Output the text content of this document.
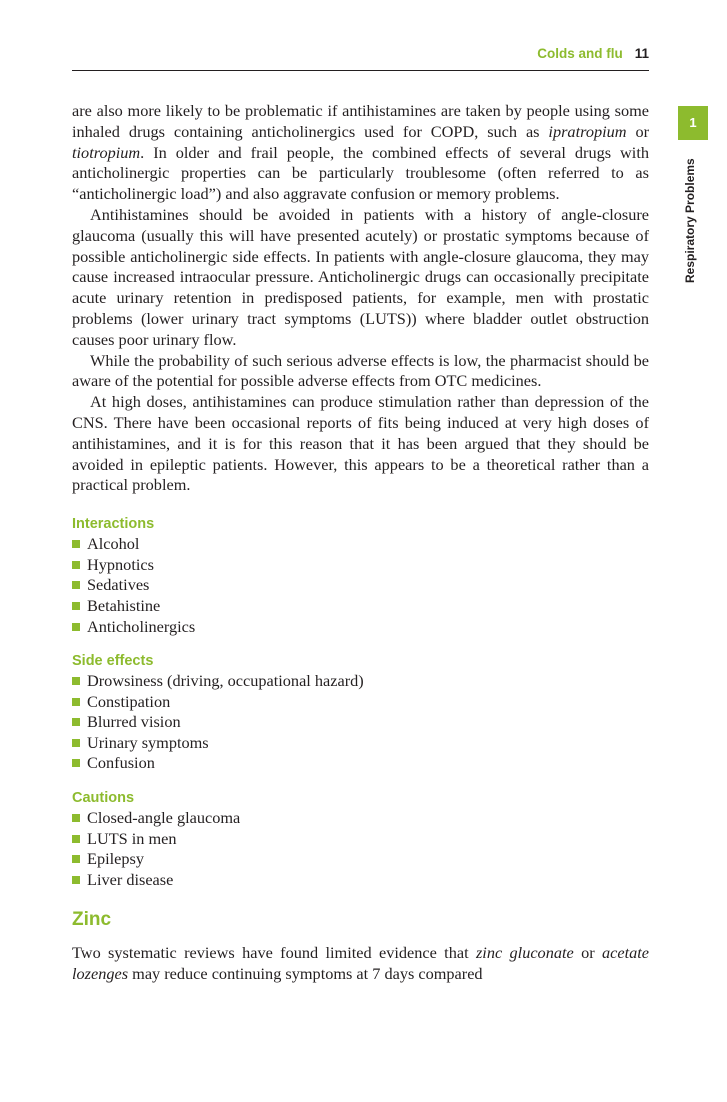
Colds and flu 11
1
Respiratory Problems

are also more likely to be problematic if antihistamines are taken by people using some inhaled drugs containing anticholinergics used for COPD, such as ipratropium or tiotropium. In older and frail people, the combined effects of several drugs with anticholinergic properties can be particularly troublesome (often referred to as “anticholinergic load”) and also aggravate confusion or memory problems.

Antihistamines should be avoided in patients with a history of angle-closure glaucoma (usually this will have presented acutely) or prostatic symptoms because of possible anticholinergic side effects. In patients with angle-closure glaucoma, they may cause increased intraocular pressure. Anticholinergic drugs can occasionally precipitate acute urinary retention in predisposed patients, for example, men with prostatic problems (lower urinary tract symptoms (LUTS)) where bladder outlet obstruction causes poor urinary flow.

While the probability of such serious adverse effects is low, the pharmacist should be aware of the potential for possible adverse effects from OTC medicines.

At high doses, antihistamines can produce stimulation rather than depression of the CNS. There have been occasional reports of fits being induced at very high doses of antihistamines, and it is for this reason that it has been argued that they should be avoided in epileptic patients. However, this appears to be a theoretical rather than a practical problem.

Interactions
Alcohol
Hypnotics
Sedatives
Betahistine
Anticholinergics
Side effects
Drowsiness (driving, occupational hazard)
Constipation
Blurred vision
Urinary symptoms
Confusion
Cautions
Closed-angle glaucoma
LUTS in men
Epilepsy
Liver disease
Zinc

Two systematic reviews have found limited evidence that zinc gluconate or acetate lozenges may reduce continuing symptoms at 7 days compared
